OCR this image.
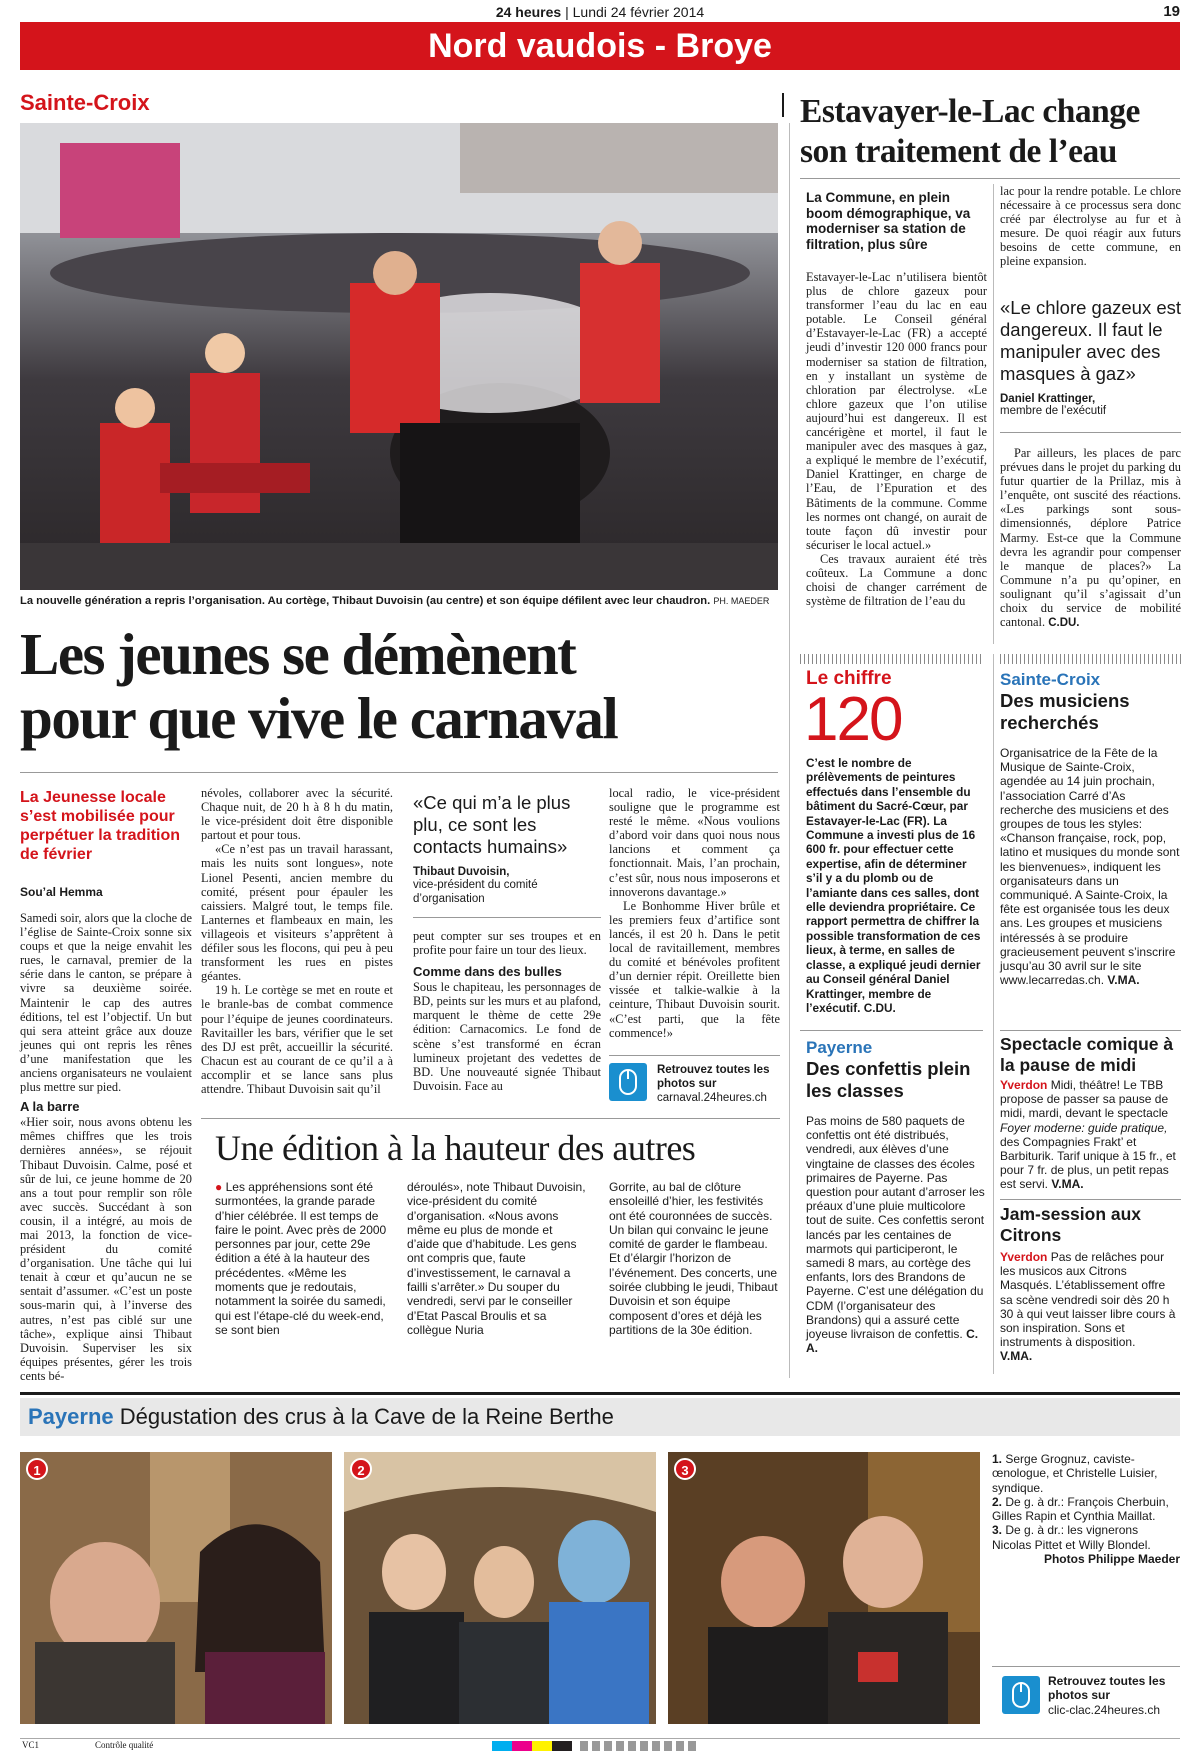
24 heures | Lundi 24 février 2014	19
Nord vaudois - Broye
Sainte-Croix
La nouvelle génération a repris l’organisation. Au cortège, Thibaut Duvoisin (au centre) et son équipe défilent avec leur chaudron. PH. MAEDER
Les jeunes se démènent
pour que vive le carnaval
La Jeunesse locale s’est mobilisée pour perpétuer la tradition de février
Sou’al Hemma

Samedi soir, alors que la cloche de l’église de Sainte-Croix sonne six coups et que la neige envahit les rues, le carnaval, premier de la série dans le canton, se prépare à vivre sa deuxième soirée. Maintenir le cap des autres éditions, tel est l’objectif. Un but qui sera atteint grâce aux douze jeunes qui ont repris les rênes d’une manifestation que les anciens organisateurs ne voulaient plus mettre sur pied.

A la barre

«Hier soir, nous avons obtenu les mêmes chiffres que les trois dernières années», se réjouit Thibaut Duvoisin. Calme, posé et sûr de lui, ce jeune homme de 20 ans a tout pour remplir son rôle avec succès. Succédant à son cousin, il a intégré, au mois de mai 2013, la fonction de vice-président du comité d’organisation. Une tâche qui lui tenait à cœur et qu’aucun ne se sentait d’assumer. «C’est un poste sous-marin qui, à l’inverse des autres, n’est pas ciblé sur une tâche», explique ainsi Thibaut Duvoisin. Superviser les six équipes présentes, gérer les trois cents bé-

névoles, collaborer avec la sécurité. Chaque nuit, de 20 h à 8 h du matin, le vice-président doit être disponible partout et pour tous.

«Ce n’est pas un travail harassant, mais les nuits sont longues», note Lionel Pesenti, ancien membre du comité, présent pour épauler les caissiers. Malgré tout, le temps file. Lanternes et flambeaux en main, les villageois et visiteurs s’apprêtent à défiler sous les flocons, qui peu à peu transforment les rues en pistes géantes.

19 h. Le cortège se met en route et le branle-bas de combat commence pour l’équipe de jeunes coordinateurs. Ravitailler les bars, vérifier que le set des DJ est prêt, accueillir la sécurité. Chacun est au courant de ce qu’il a à accomplir et se lance sans plus attendre. Thibaut Duvoisin sait qu’il

«Ce qui m’a le plus plu, ce sont les contacts humains»
Thibaut Duvoisin,
vice-président du comité d’organisation

peut compter sur ses troupes et en profite pour faire un tour des lieux.

Comme dans des bulles

Sous le chapiteau, les personnages de BD, peints sur les murs et au plafond, marquent le thème de cette 29e édition: Carnacomics. Le fond de scène s’est transformé en écran lumineux projetant des vedettes de BD. Une nouveauté signée Thibaut Duvoisin. Face au

local radio, le vice-président souligne que le programme est resté le même. «Nous voulions d’abord voir dans quoi nous nous lancions et comment ça fonctionnait. Mais, l’an prochain, c’est sûr, nous nous imposerons et innoverons davantage.»

Le Bonhomme Hiver brûle et les premiers feux d’artifice sont lancés, il est 20 h. Dans le petit local de ravitaillement, membres du comité et bénévoles profitent d’un dernier répit. Oreillette bien vissée et talkie-walkie à la ceinture, Thibaut Duvoisin sourit. «C’est parti, que la fête commence!»

Retrouvez toutes les photos sur
carnaval.24heures.ch
Une édition à la hauteur des autres
● Les appréhensions sont été surmontées, la grande parade d’hier célébrée. Il est temps de faire le point. Avec près de 2000 personnes par jour, cette 29e édition a été à la hauteur des précédentes. «Même les moments que je redoutais, notamment la soirée du samedi, qui est l’étape-clé du week-end, se sont bien
déroulés», note Thibaut Duvoisin, vice-président du comité d’organisation. «Nous avons même eu plus de monde et d’aide que d’habitude. Les gens ont compris que, faute d’investissement, le carnaval a failli s’arrêter.» Du souper du vendredi, servi par le conseiller d’Etat Pascal Broulis et sa collègue Nuria
Gorrite, au bal de clôture ensoleillé d’hier, les festivités ont été couronnées de succès. Un bilan qui convainc le jeune comité de garder le flambeau. Et d’élargir l’horizon de l’événement. Des concerts, une soirée clubbing le jeudi, Thibaut Duvoisin et son équipe composent d’ores et déjà les partitions de la 30e édition.
Estavayer-le-Lac change
son traitement de l’eau
La Commune, en plein boom démographique, va moderniser sa station de filtration, plus sûre

Estavayer-le-Lac n’utilisera bientôt plus de chlore gazeux pour transformer l’eau du lac en eau potable. Le Conseil général d’Estavayer-le-Lac (FR) a accepté jeudi d’investir 120 000 francs pour moderniser sa station de filtration, en y installant un système de chloration par électrolyse. «Le chlore gazeux que l’on utilise aujourd’hui est dangereux. Il est cancérigène et mortel, il faut le manipuler avec des masques à gaz, a expliqué le membre de l’exécutif, Daniel Krattinger, en charge de l’Eau, de l’Epuration et des Bâtiments de la commune. Comme les normes ont changé, on aurait de toute façon dû investir pour sécuriser le local actuel.»

Ces travaux auraient été très coûteux. La Commune a donc choisi de changer carrément de système de filtration de l’eau du

lac pour la rendre potable. Le chlore nécessaire à ce processus sera donc créé par électrolyse au fur et à mesure. De quoi réagir aux futurs besoins de cette commune, en pleine expansion.

«Le chlore gazeux est dangereux. Il faut le manipuler avec des masques à gaz»
Daniel Krattinger,
membre de l’exécutif

Par ailleurs, les places de parc prévues dans le projet du parking du futur quartier de la Prillaz, mis à l’enquête, ont suscité des réactions. «Les parkings sont sous-dimensionnés, déplore Patrice Marmy. Est-ce que la Commune devra les agrandir pour compenser le manque de places?» La Commune n’a pu qu’opiner, en soulignant qu’il s’agissait d’un choix du service de mobilité cantonal. C.DU.

Le chiffre
120
C’est le nombre de prélèvements de peintures effectués dans l’ensemble du bâtiment du Sacré-Cœur, par Estavayer-le-Lac (FR). La Commune a investi plus de 16 600 fr. pour effectuer cette expertise, afin de déterminer s’il y a du plomb ou de l’amiante dans ces salles, dont elle deviendra propriétaire. Ce rapport permettra de chiffrer la possible transformation de ces lieux, à terme, en salles de classe, a expliqué jeudi dernier au Conseil général Daniel Krattinger, membre de l’exécutif. C.DU.
Payerne
Des confettis plein les classes
Pas moins de 580 paquets de confettis ont été distribués, vendredi, aux élèves d’une vingtaine de classes des écoles primaires de Payerne. Pas question pour autant d’arroser les préaux d’une pluie multicolore tout de suite. Ces confettis seront lancés par les centaines de marmots qui participeront, le samedi 8 mars, au cortège des enfants, lors des Brandons de Payerne. C’est une délégation du CDM (l’organisateur des Brandons) qui a assuré cette joyeuse livraison de confettis. C. A.
Sainte-Croix
Des musiciens recherchés
Organisatrice de la Fête de la Musique de Sainte-Croix, agendée au 14 juin prochain, l’association Carré d’As recherche des musiciens et des groupes de tous les styles: «Chanson française, rock, pop, latino et musiques du monde sont les bienvenues», indiquent les organisateurs dans un communiqué. A Sainte-Croix, la fête est organisée tous les deux ans. Les groupes et musiciens intéressés à se produire gracieusement peuvent s’inscrire jusqu’au 30 avril sur le site www.lecarredas.ch. V.MA.
Spectacle comique à la pause de midi
Yverdon Midi, théâtre! Le TBB propose de passer sa pause de midi, mardi, devant le spectacle Foyer moderne: guide pratique, des Compagnies Frakt’ et Barbiturik. Tarif unique à 15 fr., et pour 7 fr. de plus, un petit repas est servi. V.MA.
Jam-session aux Citrons
Yverdon Pas de relâches pour les musicos aux Citrons Masqués. L’établissement offre sa scène vendredi soir dès 20 h 30 à qui veut laisser libre cours à son inspiration. Sons et instruments à disposition.
V.MA.
Payerne Dégustation des crus à la Cave de la Reine Berthe
1	2	3
1. Serge Grognuz, caviste-œnologue, et Christelle Luisier, syndique.
2. De g. à dr.: François Cherbuin, Gilles Rapin et Cynthia Maillat.
3. De g. à dr.: les vignerons Nicolas Pittet et Willy Blondel.
Photos Philippe Maeder
Retrouvez toutes les photos sur
clic-clac.24heures.ch
VC1	Contrôle qualité
